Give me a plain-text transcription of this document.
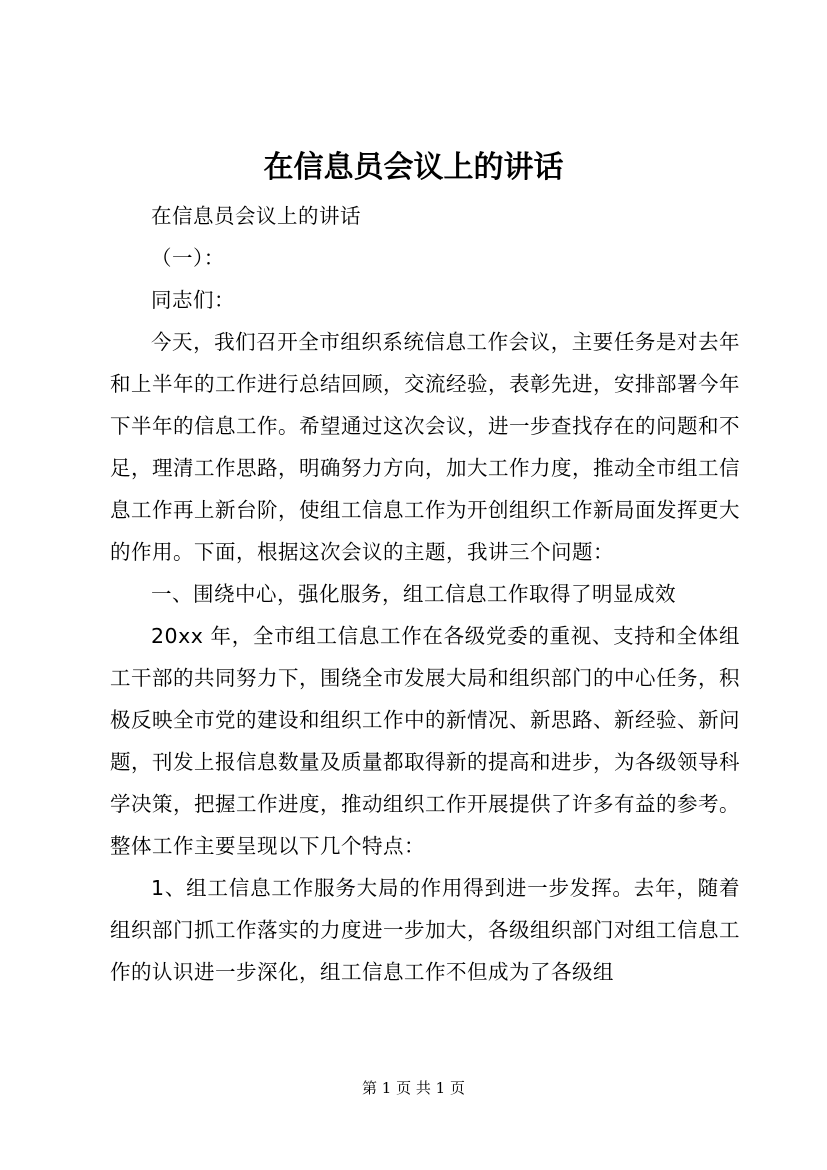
在信息员会议上的讲话

在信息员会议上的讲话

（一）：

同志们：

今天，我们召开全市组织系统信息工作会议，主要任务是对去年和上半年的工作进行总结回顾，交流经验，表彰先进，安排部署今年下半年的信息工作。希望通过这次会议，进一步查找存在的问题和不足，理清工作思路，明确努力方向，加大工作力度，推动全市组工信息工作再上新台阶，使组工信息工作为开创组织工作新局面发挥更大的作用。下面，根据这次会议的主题，我讲三个问题：

一、围绕中心，强化服务，组工信息工作取得了明显成效

20xx 年，全市组工信息工作在各级党委的重视、支持和全体组工干部的共同努力下，围绕全市发展大局和组织部门的中心任务，积极反映全市党的建设和组织工作中的新情况、新思路、新经验、新问题，刊发上报信息数量及质量都取得新的提高和进步，为各级领导科学决策，把握工作进度，推动组织工作开展提供了许多有益的参考。整体工作主要呈现以下几个特点：

1、组工信息工作服务大局的作用得到进一步发挥。去年，随着组织部门抓工作落实的力度进一步加大，各级组织部门对组工信息工作的认识进一步深化，组工信息工作不但成为了各级组

第 1 页 共 1 页
